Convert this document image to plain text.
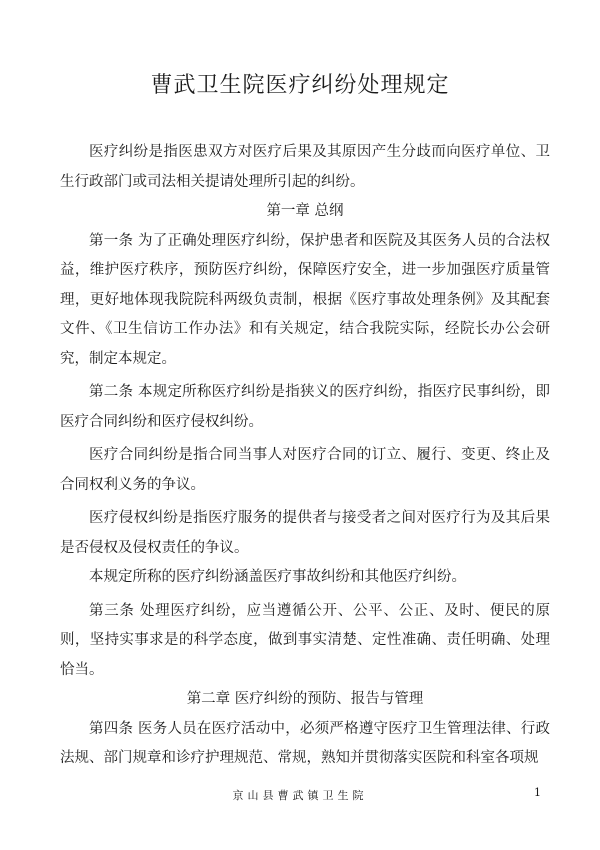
曹武卫生院医疗纠纷处理规定

医疗纠纷是指医患双方对医疗后果及其原因产生分歧而向医疗单位、卫生行政部门或司法相关提请处理所引起的纠纷。

第一章 总纲

第一条 为了正确处理医疗纠纷，保护患者和医院及其医务人员的合法权益，维护医疗秩序，预防医疗纠纷，保障医疗安全，进一步加强医疗质量管理，更好地体现我院院科两级负责制，根据《医疗事故处理条例》及其配套文件、《卫生信访工作办法》和有关规定，结合我院实际，经院长办公会研究，制定本规定。

第二条 本规定所称医疗纠纷是指狭义的医疗纠纷，指医疗民事纠纷，即医疗合同纠纷和医疗侵权纠纷。

医疗合同纠纷是指合同当事人对医疗合同的订立、履行、变更、终止及合同权利义务的争议。

医疗侵权纠纷是指医疗服务的提供者与接受者之间对医疗行为及其后果是否侵权及侵权责任的争议。

本规定所称的医疗纠纷涵盖医疗事故纠纷和其他医疗纠纷。

第三条 处理医疗纠纷，应当遵循公开、公平、公正、及时、便民的原则，坚持实事求是的科学态度，做到事实清楚、定性准确、责任明确、处理恰当。

第二章 医疗纠纷的预防、报告与管理

第四条 医务人员在医疗活动中，必须严格遵守医疗卫生管理法律、行政法规、部门规章和诊疗护理规范、常规，熟知并贯彻落实医院和科室各项规

京山县曹武镇卫生院	1
